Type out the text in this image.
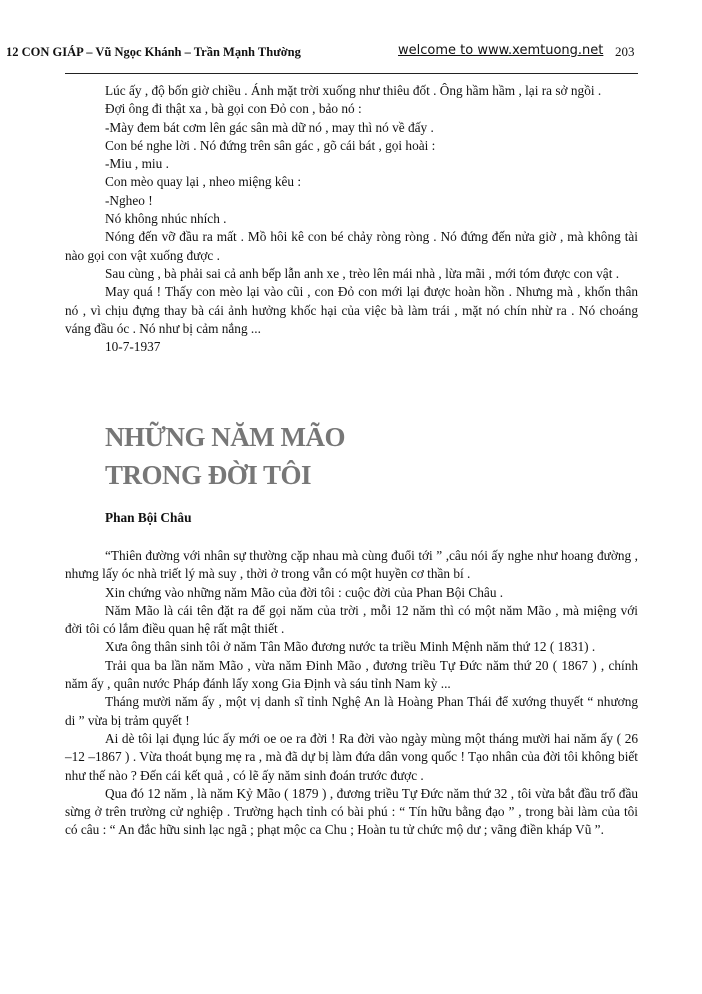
12 CON GIÁP – Vũ Ngọc Khánh – Trần Mạnh Thường	welcome to www.xemtuong.net 203

Lúc ấy , độ bốn giờ chiều . Ánh mặt trời xuống như thiêu đốt . Ông hầm hầm , lại ra sở ngồi .

Đợi ông đi thật xa , bà gọi con Đỏ con , bảo nó :

-Mày đem bát cơm lên gác sân mà dữ nó , may thì nó về đấy .

Con bé nghe lời . Nó đứng trên sân gác , gõ cái bát , gọi hoài :

-Miu , miu .

Con mèo quay lại , nheo miệng kêu :

-Ngheo !

Nó không nhúc nhích .

Nóng đến vỡ đầu ra mất . Mồ hôi kê con bé chảy ròng ròng . Nó đứng đến nửa giờ , mà không tài nào gọi con vật xuống được .

Sau cùng , bà phải sai cả anh bếp lẫn anh xe , trèo lên mái nhà , lừa mãi , mới tóm được con vật .

May quá ! Thấy con mèo lại vào cũi , con Đỏ con mới lại được hoàn hồn . Nhưng mà , khốn thân nó , vì chịu đựng thay bà cái ảnh hưởng khốc hại của việc bà làm trái , mặt nó chín nhừ ra . Nó choáng váng đầu óc . Nó như bị cảm nắng ...

10-7-1937

NHỮNG NĂM MÃO
TRONG ĐỜI TÔI
Phan Bội Châu

“Thiên đường với nhân sự thường cặp nhau mà cùng đuổi tới ” ,câu nói ấy nghe như hoang đường , nhưng lấy óc nhà triết lý mà suy , thời ở trong vẫn có một huyền cơ thần bí .

Xin chứng vào những năm Mão của đời tôi : cuộc đời của Phan Bội Châu .

Năm Mão là cái tên đặt ra để gọi năm của trời , mỗi 12 năm thì có một năm Mão , mà miệng với đời tôi có lắm điều quan hệ rất mật thiết .

Xưa ông thân sinh tôi ở năm Tân Mão đương nước ta triều Minh Mệnh năm thứ 12 ( 1831) .

Trải qua ba lần năm Mão , vừa năm Đinh Mão , đương triều Tự Đức năm thứ 20 ( 1867 ) , chính năm ấy , quân nước Pháp đánh lấy xong Gia Định và sáu tỉnh Nam kỳ ...

Tháng mười năm ấy , một vị danh sĩ tỉnh Nghệ An là Hoàng Phan Thái để xướng thuyết “ nhương di ” vừa bị trảm quyết !

Ai dè tôi lại đụng lúc ấy mới oe oe ra đời ! Ra đời vào ngày mùng một tháng mười hai năm ấy ( 26 –12 –1867 ) . Vừa thoát bụng mẹ ra , mà đã dự bị làm đứa dân vong quốc ! Tạo nhân của đời tôi không biết như thế nào ? Đến cái kết quả , có lẽ ấy năm sinh đoán trước được .

Qua đó 12 năm , là năm Kỷ Mão ( 1879 ) , đương triều Tự Đức năm thứ 32 , tôi vừa bắt đầu trổ đầu sừng ở trên trường cử nghiệp . Trường hạch tỉnh có bài phú : “ Tín hữu bằng đạo ” , trong bài làm của tôi có câu : “ An đắc hữu sinh lạc ngã ; phạt mộc ca Chu ; Hoàn tu tử chức mộ dư ; vãng điền kháp Vũ ”.
